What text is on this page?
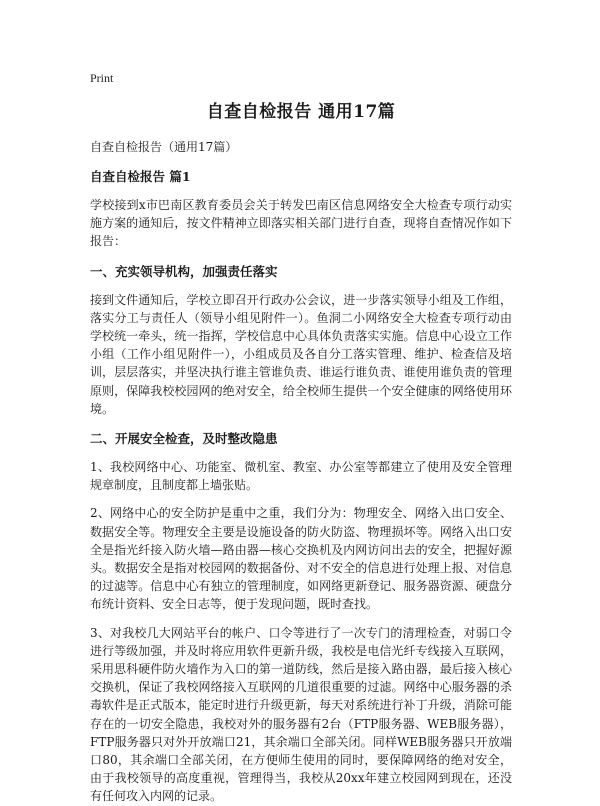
Print
自查自检报告 通用17篇
自查自检报告（通用17篇）
自查自检报告 篇1
学校接到x市巴南区教育委员会关于转发巴南区信息网络安全大检查专项行动实施方案的通知后，按文件精神立即落实相关部门进行自查，现将自查情况作如下报告：
一、充实领导机构，加强责任落实
接到文件通知后，学校立即召开行政办公会议，进一步落实领导小组及工作组，落实分工与责任人（领导小组见附件一）。鱼洞二小网络安全大检查专项行动由学校统一牵头，统一指挥，学校信息中心具体负责落实实施。信息中心设立工作小组（工作小组见附件一），小组成员及各自分工落实管理、维护、检查信及培训，层层落实，并坚决执行谁主管谁负责、谁运行谁负责、谁使用谁负责的管理原则，保障我校校园网的绝对安全，给全校师生提供一个安全健康的网络使用环境。
二、开展安全检查，及时整改隐患
1、我校网络中心、功能室、微机室、教室、办公室等都建立了使用及安全管理规章制度，且制度都上墙张贴。
2、网络中心的安全防护是重中之重，我们分为：物理安全、网络入出口安全、数据安全等。物理安全主要是设施设备的防火防盗、物理损坏等。网络入出口安全是指光纤接入防火墙—路由器—核心交换机及内网访问出去的安全，把握好源头。数据安全是指对校园网的数据备份、对不安全的信息进行处理上报、对信息的过滤等。信息中心有独立的管理制度，如网络更新登记、服务器资源、硬盘分布统计资料、安全日志等，便于发现问题，既时查找。
3、对我校几大网站平台的帐户、口令等进行了一次专门的清理检查，对弱口令进行等级加强，并及时将应用软件更新升级，我校是电信光纤专线接入互联网，采用思科硬件防火墙作为入口的第一道防线，然后是接入路由器，最后接入核心交换机，保证了我校网络接入互联网的几道很重要的过滤。网络中心服务器的杀毒软件是正式版本，能定时进行升级更新，每天对系统进行补丁升级，消除可能存在的一切安全隐患，我校对外的服务器有2台（FTP服务器、WEB服务器），FTP服务器只对外开放端口21，其余端口全部关闭。同样WEB服务器只开放端口80，其余端口全部关闭，在方便师生使用的同时，要保障网络的绝对安全，由于我校领导的高度重视，管理得当，我校从20xx年建立校园网到现在，还没有任何攻入内网的记录。
